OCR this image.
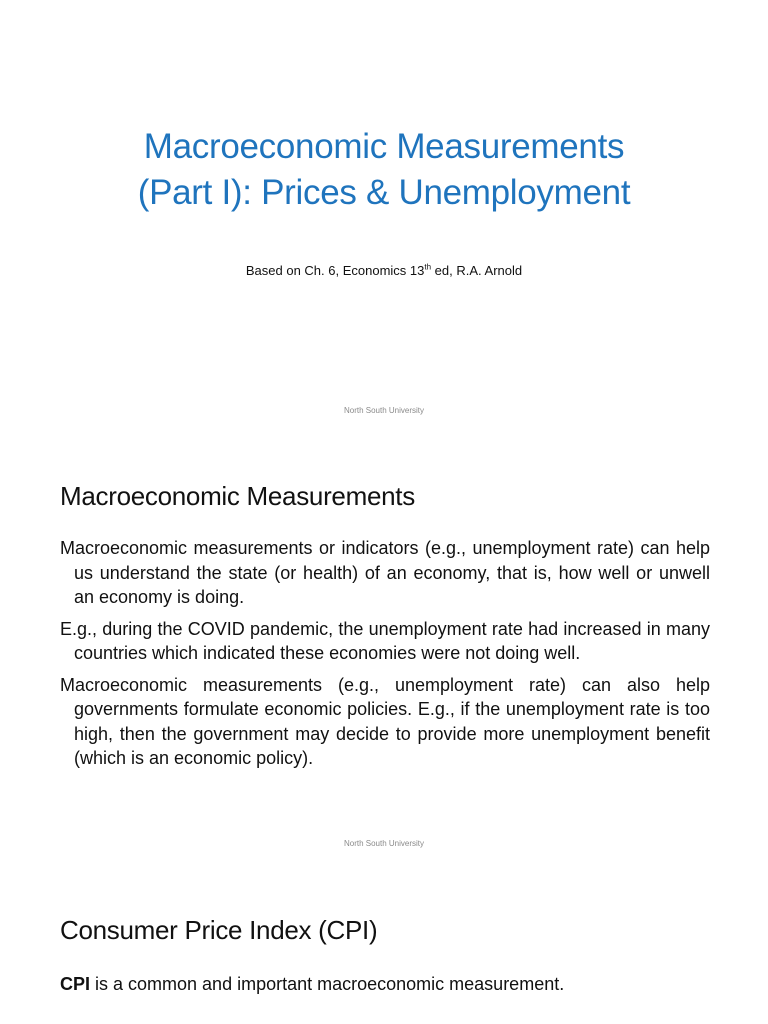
Macroeconomic Measurements
(Part I): Prices & Unemployment
Based on Ch. 6, Economics 13th ed, R.A. Arnold
North South University
Macroeconomic Measurements
Macroeconomic measurements or indicators (e.g., unemployment rate) can help us understand the state (or health) of an economy, that is, how well or unwell an economy is doing.
E.g., during the COVID pandemic, the unemployment rate had increased in many countries which indicated these economies were not doing well.
Macroeconomic measurements (e.g., unemployment rate) can also help governments formulate economic policies. E.g., if the unemployment rate is too high, then the government may decide to provide more unemployment benefit (which is an economic policy).
North South University
Consumer Price Index (CPI)
CPI is a common and important macroeconomic measurement.
